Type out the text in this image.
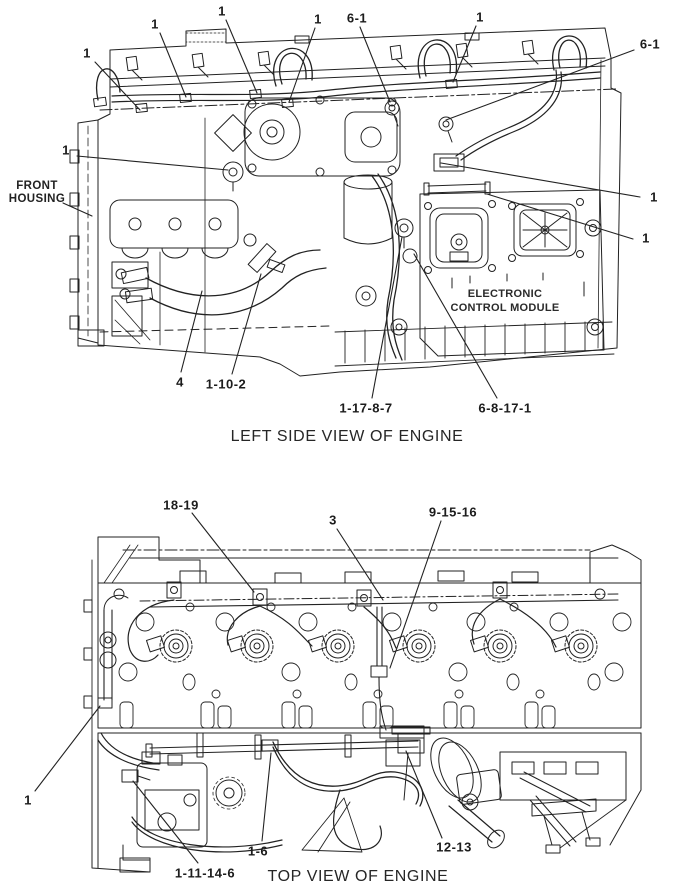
1
1
1
1 6-1	1
6-1
1
1
1
4 1-10-2
1-17-8-7	6-8-17-1
FRONT
HOUSING
ELECTRONIC
CONTROL MODULE
LEFT SIDE VIEW OF ENGINE
TOP VIEW OF ENGINE
18-19
3
9-15-16
1
1-11-14-6
1-6	12-13
